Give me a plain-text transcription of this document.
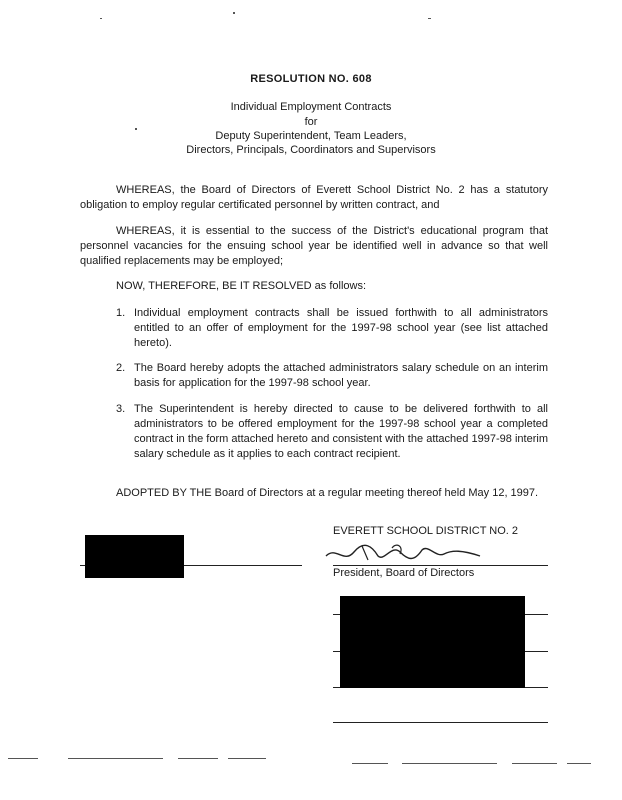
RESOLUTION NO. 608
Individual Employment Contracts
for
Deputy Superintendent, Team Leaders,
Directors, Principals, Coordinators and Supervisors
WHEREAS, the Board of Directors of Everett School District No. 2 has a statutory obligation to employ regular certificated personnel by written contract, and
WHEREAS, it is essential to the success of the District's educational program that personnel vacancies for the ensuing school year be identified well in advance so that well qualified replacements may be employed;
NOW, THEREFORE, BE IT RESOLVED as follows:
1. Individual employment contracts shall be issued forthwith to all administrators entitled to an offer of employment for the 1997-98 school year (see list attached hereto).
2. The Board hereby adopts the attached administrators salary schedule on an interim basis for application for the 1997-98 school year.
3. The Superintendent is hereby directed to cause to be delivered forthwith to all administrators to be offered employment for the 1997-98 school year a completed contract in the form attached hereto and consistent with the attached 1997-98 interim salary schedule as it applies to each contract recipient.
ADOPTED BY THE Board of Directors at a regular meeting thereof held May 12, 1997.
EVERETT SCHOOL DISTRICT NO. 2
President, Board of Directors
